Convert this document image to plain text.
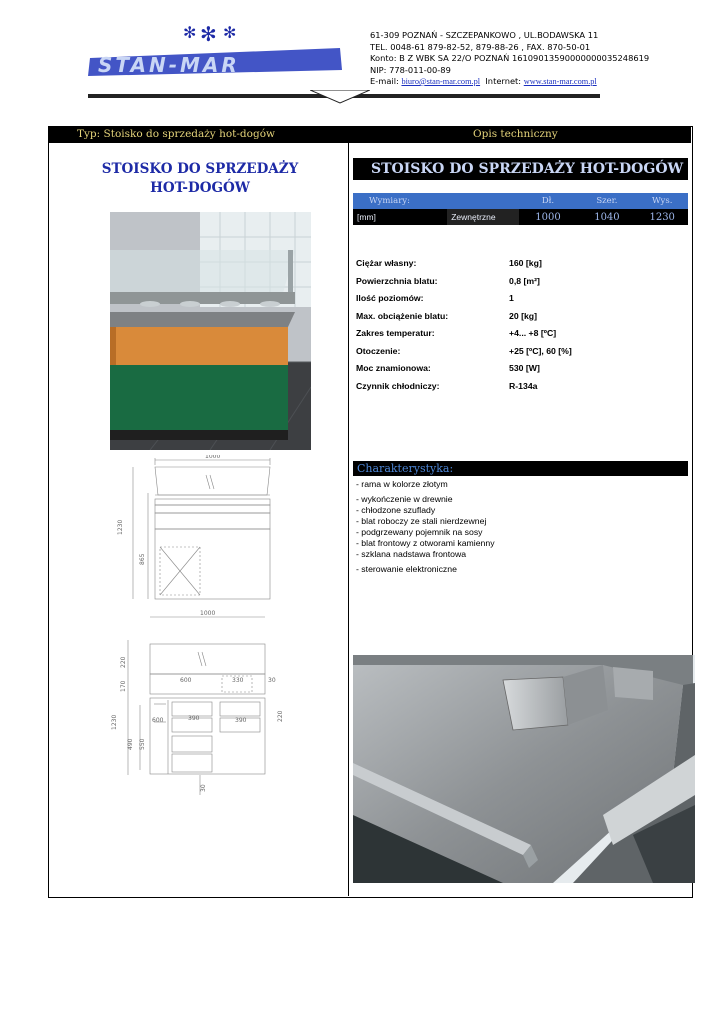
✻ ✻ ✻
STAN-MAR
61-309 POZNAŃ - SZCZEPANKOWO , UL.BODAWSKA 11
TEL. 0048-61 879-82-52, 879-88-26 , FAX. 870-50-01
Konto: B Z WBK SA 22/O POZNAŃ 16109013590000000035248619
NIP: 778-011-00-89
E-mail: biuro@stan-mar.com.pl Internet: www.stan-mar.com.pl
Typ: Stoisko do sprzedaży hot-dogów	Opis techniczny
STOISKO DO SPRZEDAŻY
HOT-DOGÓW
1000
1230
865
1000
600	330	30
600	390	390
220
170
220
1230
490 550
30
STOISKO DO SPRZEDAŻY HOT-DOGÓW
Wymiary:		Dł.	Szer.	Wys.
[mm]	Zewnętrzne	1000	1040	1230
Ciężar własny:	160 [kg]
Powierzchnia blatu:	0,8 [m²]
Ilość poziomów:	1
Max. obciążenie blatu:	20 [kg]
Zakres temperatur:	+4... +8 [ºC]
Otoczenie:	+25 [ºC], 60 [%]
Moc znamionowa:	530 [W]
Czynnik chłodniczy:	R-134a
Charakterystyka:
- rama w kolorze złotym
- wykończenie w drewnie
- chłodzone szuflady
- blat roboczy ze stali nierdzewnej
- podgrzewany pojemnik na sosy
- blat frontowy z otworami kamienny
- szklana nadstawa frontowa
- sterowanie elektroniczne
